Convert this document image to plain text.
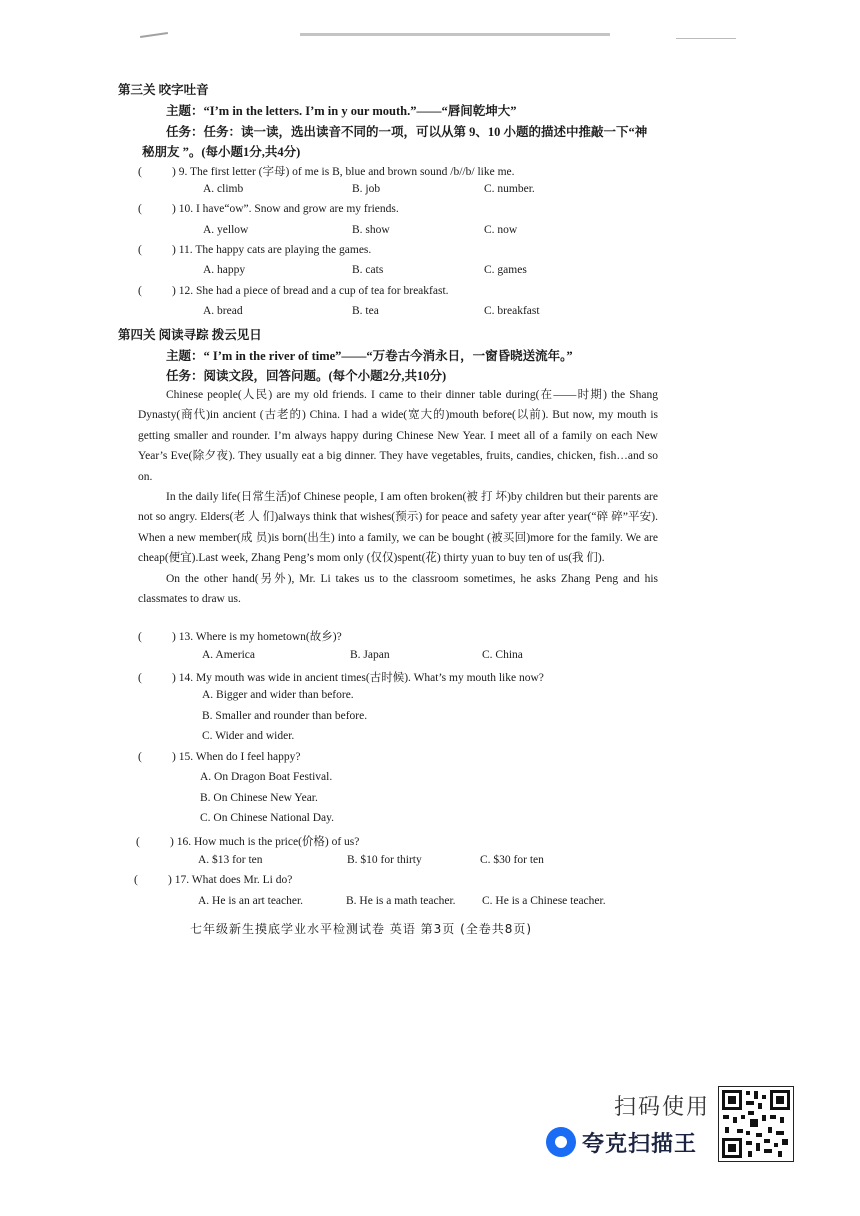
第三关 咬字吐音
主题：“I’m in the letters. I’m in y our mouth.”——“唇间乾坤大”
任务：任务：读一读，选出读音不同的一项，可以从第 9、10 小题的描述中推敲一下“神
秘朋友 ”。(每小题1分,共4分)
(	) 9. The first letter (字母) of me is B, blue and brown sound /b//b/ like me.
A. climb	B. job	C. number.
(	) 10. I have“ow”. Snow and grow are my friends.
A. yellow	B. show	C. now
(	) 11. The happy cats are playing the games.
A. happy	B. cats	C. games
(	) 12. She had a piece of bread and a cup of tea for breakfast.
A. bread	B. tea	C. breakfast
第四关 阅读寻踪 拨云见日
主题：“ I’m in the river of time”——“万卷古今消永日，一窗昏晓送流年。”
任务：阅读文段，回答问题。(每个小题2分,共10分)

Chinese people(人民) are my old friends. I came to their dinner table during(在——时期) the Shang Dynasty(商代)in ancient (古老的) China. I had a wide(宽大的)mouth before(以前). But now, my mouth is getting smaller and rounder. I’m always happy during Chinese New Year. I meet all of a family on each New Year’s Eve(除夕夜). They usually eat a big dinner. They have vegetables, fruits, candies, chicken, fish…and so on.

In the daily life(日常生活)of Chinese people, I am often broken(被 打 坏)by children but their parents are not so angry. Elders(老 人 们)always think that wishes(预示) for peace and safety year after year(“碎 碎”平安). When a new member(成 员)is born(出生) into a family, we can be bought (被买回)more for the family. We are cheap(便宜).Last week, Zhang Peng’s mom only (仅仅)spent(花) thirty yuan to buy ten of us(我 们).

On the other hand(另外), Mr. Li takes us to the classroom sometimes, he asks Zhang Peng and his classmates to draw us.

(	) 13. Where is my hometown(故乡)?
A. America	B. Japan	C. China
(	) 14. My mouth was wide in ancient times(古时候). What’s my mouth like now?
A. Bigger and wider than before.
B. Smaller and rounder than before.
C. Wider and wider.
(	) 15. When do I feel happy?
A. On Dragon Boat Festival.
B. On Chinese New Year.
C. On Chinese National Day.
(	) 16. How much is the price(价格) of us?
A. $13 for ten	B. $10 for thirty	C. $30 for ten
(	) 17. What does Mr. Li do?
A. He is an art teacher.	B. He is a math teacher. C. He is a Chinese teacher.
七年级新生摸底学业水平检测试卷 英语 第3页 (全卷共8页)
扫码使用
夸克扫描王
